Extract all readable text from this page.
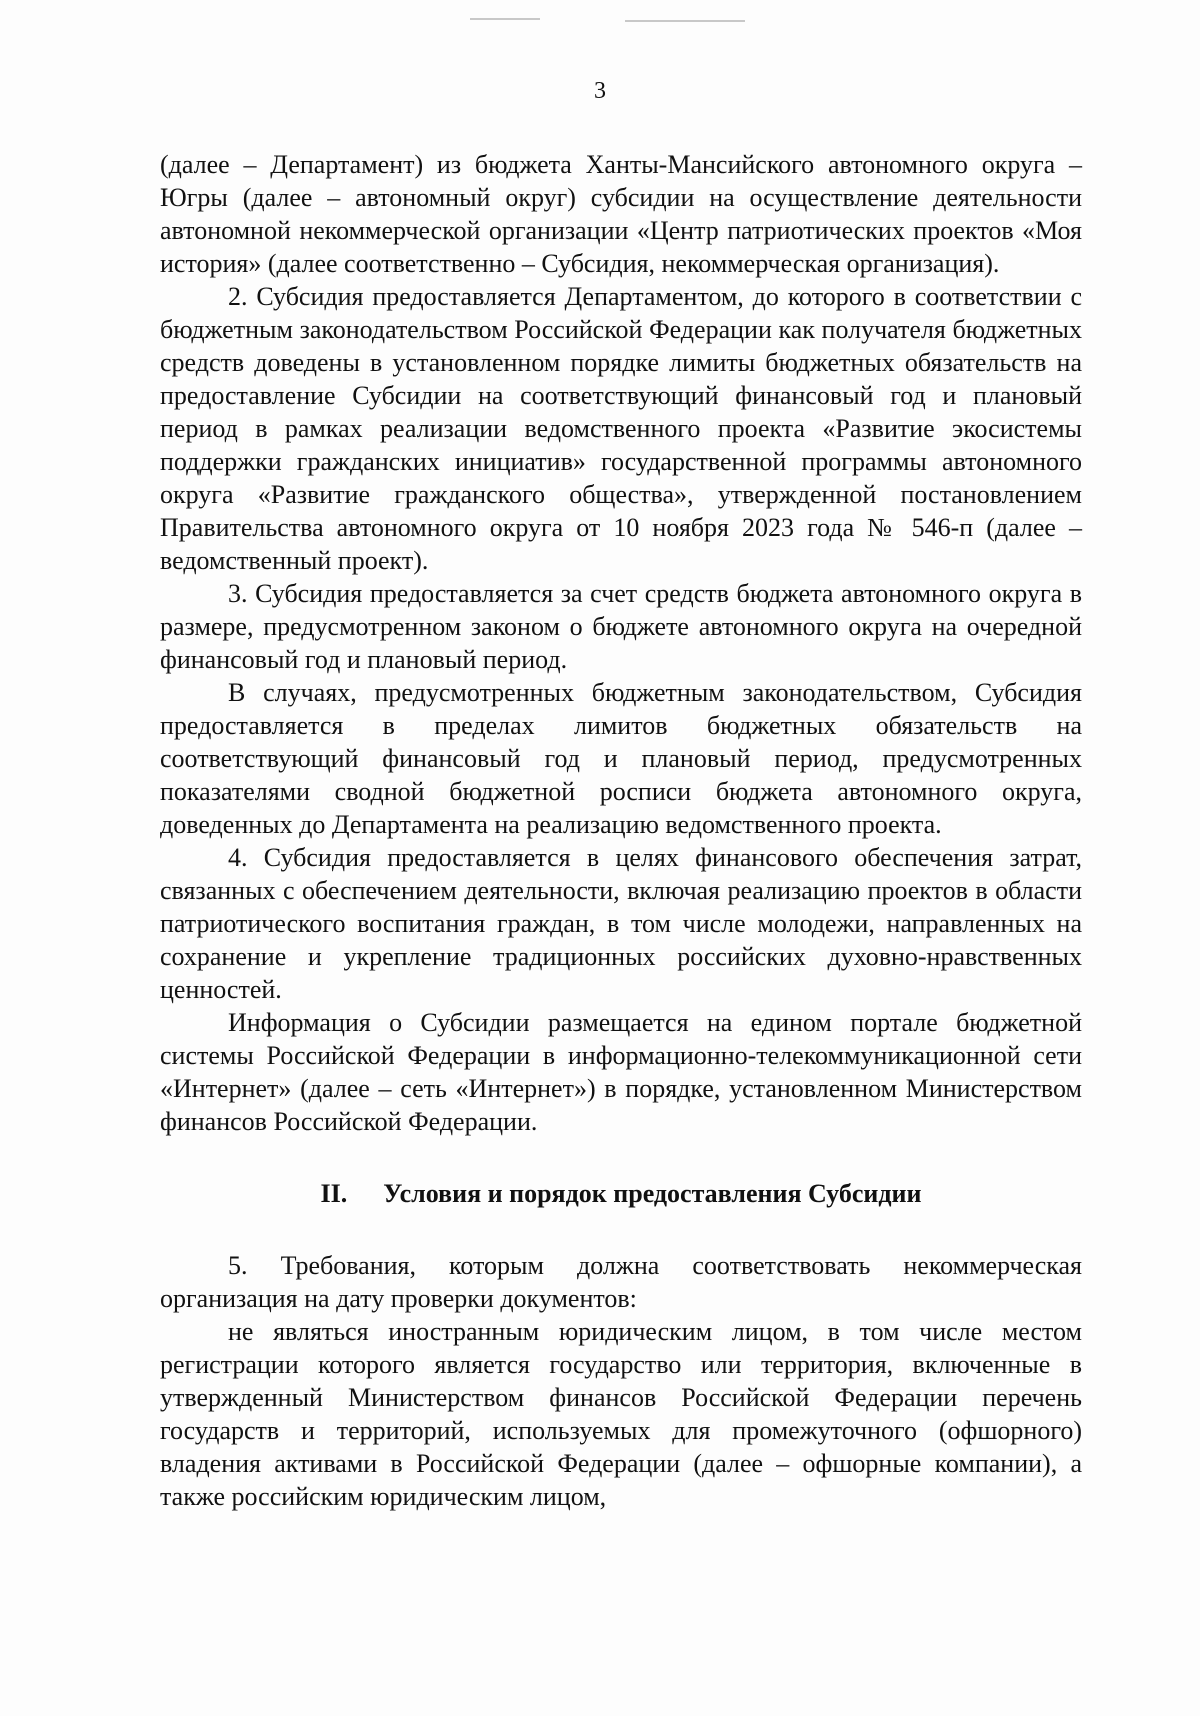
3

(далее – Департамент) из бюджета Ханты-Мансийского автономного округа – Югры (далее – автономный округ) субсидии на осуществление деятельности автономной некоммерческой организации «Центр патриотических проектов «Моя история» (далее соответственно – Субсидия, некоммерческая организация).

2. Субсидия предоставляется Департаментом, до которого в соответствии с бюджетным законодательством Российской Федерации как получателя бюджетных средств доведены в установленном порядке лимиты бюджетных обязательств на предоставление Субсидии на соответствующий финансовый год и плановый период в рамках реализации ведомственного проекта «Развитие экосистемы поддержки гражданских инициатив» государственной программы автономного округа «Развитие гражданского общества», утвержденной постановлением Правительства автономного округа от 10 ноября 2023 года № 546-п (далее – ведомственный проект).

3. Субсидия предоставляется за счет средств бюджета автономного округа в размере, предусмотренном законом о бюджете автономного округа на очередной финансовый год и плановый период.

В случаях, предусмотренных бюджетным законодательством, Субсидия предоставляется в пределах лимитов бюджетных обязательств на соответствующий финансовый год и плановый период, предусмотренных показателями сводной бюджетной росписи бюджета автономного округа, доведенных до Департамента на реализацию ведомственного проекта.

4. Субсидия предоставляется в целях финансового обеспечения затрат, связанных с обеспечением деятельности, включая реализацию проектов в области патриотического воспитания граждан, в том числе молодежи, направленных на сохранение и укрепление традиционных российских духовно-нравственных ценностей.

Информация о Субсидии размещается на едином портале бюджетной системы Российской Федерации в информационно-телекоммуникационной сети «Интернет» (далее – сеть «Интернет») в порядке, установленном Министерством финансов Российской Федерации.

II. Условия и порядок предоставления Субсидии

5. Требования, которым должна соответствовать некоммерческая организация на дату проверки документов:

не являться иностранным юридическим лицом, в том числе местом регистрации которого является государство или территория, включенные в утвержденный Министерством финансов Российской Федерации перечень государств и территорий, используемых для промежуточного (офшорного) владения активами в Российской Федерации (далее – офшорные компании), а также российским юридическим лицом,
